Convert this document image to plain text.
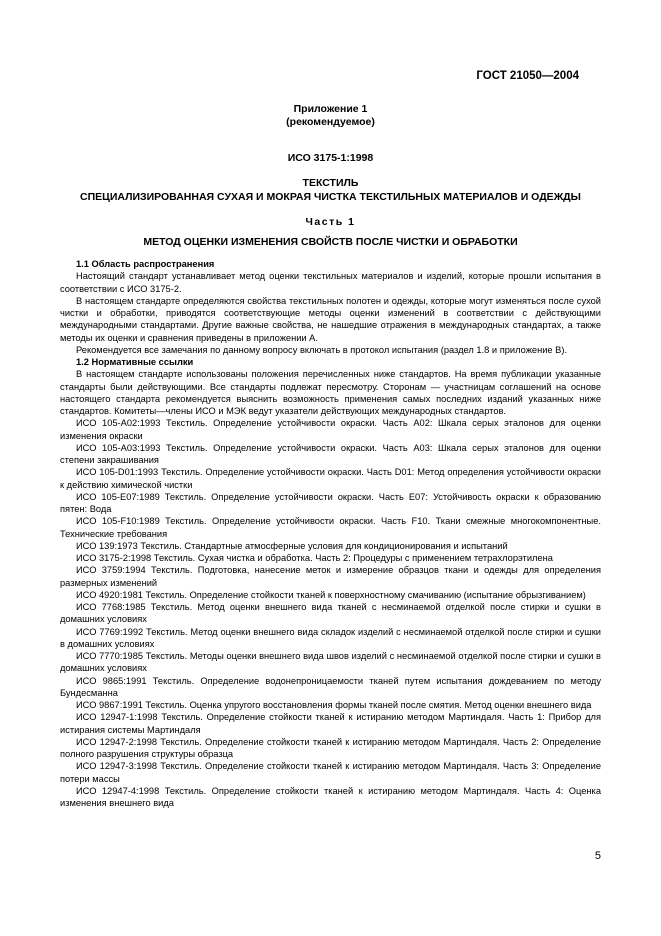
ГОСТ 21050—2004
Приложение 1
(рекомендуемое)
ИСО 3175-1:1998
ТЕКСТИЛЬ
СПЕЦИАЛИЗИРОВАННАЯ СУХАЯ И МОКРАЯ ЧИСТКА ТЕКСТИЛЬНЫХ МАТЕРИАЛОВ И ОДЕЖДЫ
Часть 1
МЕТОД ОЦЕНКИ ИЗМЕНЕНИЯ СВОЙСТВ ПОСЛЕ ЧИСТКИ И ОБРАБОТКИ

1.1 Область распространения

Настоящий стандарт устанавливает метод оценки текстильных материалов и изделий, которые прошли испытания в соответствии с ИСО 3175-2.

В настоящем стандарте определяются свойства текстильных полотен и одежды, которые могут изменяться после сухой чистки и обработки, приводятся соответствующие методы оценки изменений в соответствии с действующими международными стандартами. Другие важные свойства, не нашедшие отражения в международных стандартах, а также методы их оценки и сравнения приведены в приложении А.

Рекомендуется все замечания по данному вопросу включать в протокол испытания (раздел 1.8 и приложение В).

1.2 Нормативные ссылки

В настоящем стандарте использованы положения перечисленных ниже стандартов. На время публикации указанные стандарты были действующими. Все стандарты подлежат пересмотру. Сторонам — участницам соглашений на основе настоящего стандарта рекомендуется выяснить возможность применения самых последних изданий указанных ниже стандартов. Комитеты—члены ИСО и МЭК ведут указатели действующих международных стандартов.

ИСО 105-A02:1993 Текстиль. Определение устойчивости окраски. Часть А02: Шкала серых эталонов для оценки изменения окраски

ИСО 105-A03:1993 Текстиль. Определение устойчивости окраски. Часть А03: Шкала серых эталонов для оценки степени закрашивания

ИСО 105-D01:1993 Текстиль. Определение устойчивости окраски. Часть D01: Метод определения устойчивости окраски к действию химической чистки

ИСО 105-E07:1989 Текстиль. Определение устойчивости окраски. Часть Е07: Устойчивость окраски к образованию пятен: Вода

ИСО 105-F10:1989 Текстиль. Определение устойчивости окраски. Часть F10. Ткани смежные многокомпонентные. Технические требования

ИСО 139:1973 Текстиль. Стандартные атмосферные условия для кондиционирования и испытаний

ИСО 3175-2:1998 Текстиль. Сухая чистка и обработка. Часть 2: Процедуры с применением тетрахлорэтилена

ИСО 3759:1994 Текстиль. Подготовка, нанесение меток и измерение образцов ткани и одежды для определения размерных изменений

ИСО 4920:1981 Текстиль. Определение стойкости тканей к поверхностному смачиванию (испытание обрызгиванием)

ИСО 7768:1985 Текстиль. Метод оценки внешнего вида тканей с несминаемой отделкой после стирки и сушки в домашних условиях

ИСО 7769:1992 Текстиль. Метод оценки внешнего вида складок изделий с несминаемой отделкой после стирки и сушки в домашних условиях

ИСО 7770:1985 Текстиль. Методы оценки внешнего вида швов изделий с несминаемой отделкой после стирки и сушки в домашних условиях

ИСО 9865:1991 Текстиль. Определение водонепроницаемости тканей путем испытания дождеванием по методу Бундесманна

ИСО 9867:1991 Текстиль. Оценка упругого восстановления формы тканей после смятия. Метод оценки внешнего вида

ИСО 12947-1:1998 Текстиль. Определение стойкости тканей к истиранию методом Мартиндаля. Часть 1: Прибор для истирания системы Мартиндаля

ИСО 12947-2:1998 Текстиль. Определение стойкости тканей к истиранию методом Мартиндаля. Часть 2: Определение полного разрушения структуры образца

ИСО 12947-3:1998 Текстиль. Определение стойкости тканей к истиранию методом Мартиндаля. Часть 3: Определение потери массы

ИСО 12947-4:1998 Текстиль. Определение стойкости тканей к истиранию методом Мартиндаля. Часть 4: Оценка изменения внешнего вида

5
